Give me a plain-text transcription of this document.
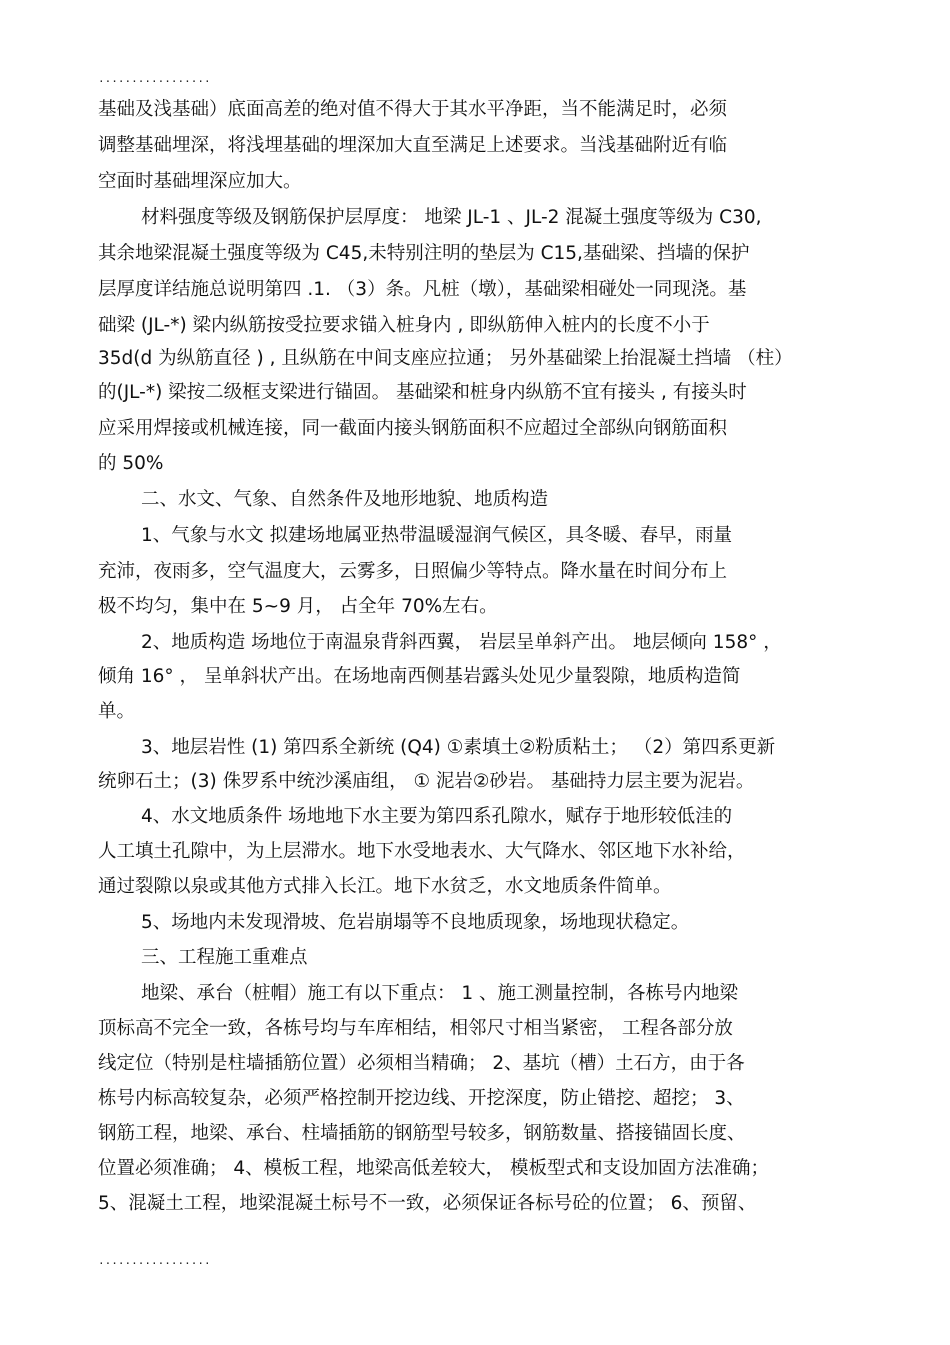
.................
基础及浅基础）底面高差的绝对值不得大于其水平净距，当不能满足时，必须
调整基础埋深，将浅埋基础的埋深加大直至满足上述要求。当浅基础附近有临
空面时基础埋深应加大。
材料强度等级及钢筋保护层厚度： 地梁 JL-1 、JL-2 混凝土强度等级为 C30,
其余地梁混凝土强度等级为 C45,未特别注明的垫层为 C15,基础梁、挡墙的保护
层厚度详结施总说明第四 .1. （3）条。凡桩（墩），基础梁相碰处一同现浇。基
础梁 (JL-*) 梁内纵筋按受拉要求锚入桩身内 , 即纵筋伸入桩内的长度不小于
35d(d 为纵筋直径 ) , 且纵筋在中间支座应拉通； 另外基础梁上抬混凝土挡墙 （柱）
的(JL-*) 梁按二级框支梁进行锚固。 基础梁和桩身内纵筋不宜有接头 , 有接头时
应采用焊接或机械连接，同一截面内接头钢筋面积不应超过全部纵向钢筋面积
的 50%
二、水文、气象、自然条件及地形地貌、地质构造
1、气象与水文 拟建场地属亚热带温暖湿润气候区，具冬暖、春早，雨量
充沛，夜雨多，空气温度大，云雾多，日照偏少等特点。降水量在时间分布上
极不均匀，集中在 5~9 月， 占全年 70%左右。
2、地质构造 场地位于南温泉背斜西翼， 岩层呈单斜产出。 地层倾向 158° ，
倾角 16° ， 呈单斜状产出。在场地南西侧基岩露头处见少量裂隙，地质构造简
单。
3、地层岩性 (1) 第四系全新统 (Q4) ①素填土②粉质粘土； （2）第四系更新
统卵石土；(3) 侏罗系中统沙溪庙组， ① 泥岩②砂岩。 基础持力层主要为泥岩。
4、水文地质条件 场地地下水主要为第四系孔隙水，赋存于地形较低洼的
人工填土孔隙中，为上层滞水。地下水受地表水、大气降水、邻区地下水补给，
通过裂隙以泉或其他方式排入长江。地下水贫乏，水文地质条件简单。
5、场地内未发现滑坡、危岩崩塌等不良地质现象，场地现状稳定。
三、工程施工重难点
地梁、承台（桩帽）施工有以下重点： 1 、施工测量控制，各栋号内地梁
顶标高不完全一致，各栋号均与车库相结，相邻尺寸相当紧密， 工程各部分放
线定位（特别是柱墙插筋位置）必须相当精确； 2、基坑（槽）土石方，由于各
栋号内标高较复杂，必须严格控制开挖边线、开挖深度，防止错挖、超挖； 3、
钢筋工程，地梁、承台、柱墙插筋的钢筋型号较多，钢筋数量、搭接锚固长度、
位置必须准确； 4、模板工程，地梁高低差较大， 模板型式和支设加固方法准确；
5、混凝土工程，地梁混凝土标号不一致，必须保证各标号砼的位置； 6、预留、
.................
